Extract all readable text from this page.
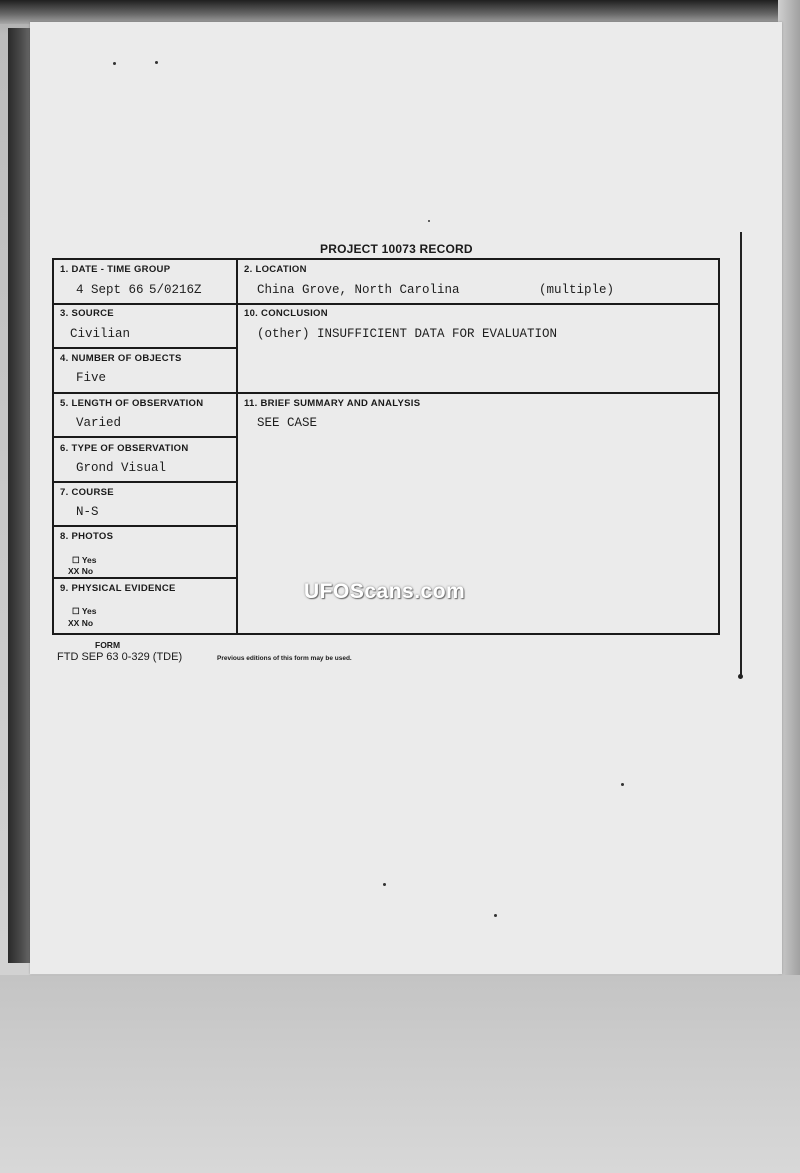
PROJECT 10073 RECORD
1. DATE - TIME GROUP
4 Sept 66 5/0216Z
2. LOCATION
China Grove, North Carolina	(multiple)
3. SOURCE
Civilian
10. CONCLUSION
(other) INSUFFICIENT DATA FOR EVALUATION
4. NUMBER OF OBJECTS
Five
5. LENGTH OF OBSERVATION
Varied
11. BRIEF SUMMARY AND ANALYSIS
SEE CASE
6. TYPE OF OBSERVATION
Grond Visual
7. COURSE
N-S
8. PHOTOS
☐ Yes
XX No
9. PHYSICAL EVIDENCE
☐ Yes
XX No
FORM
FTD SEP 63 0-329 (TDE)	Previous editions of this form may be used.
UFOScans.com
